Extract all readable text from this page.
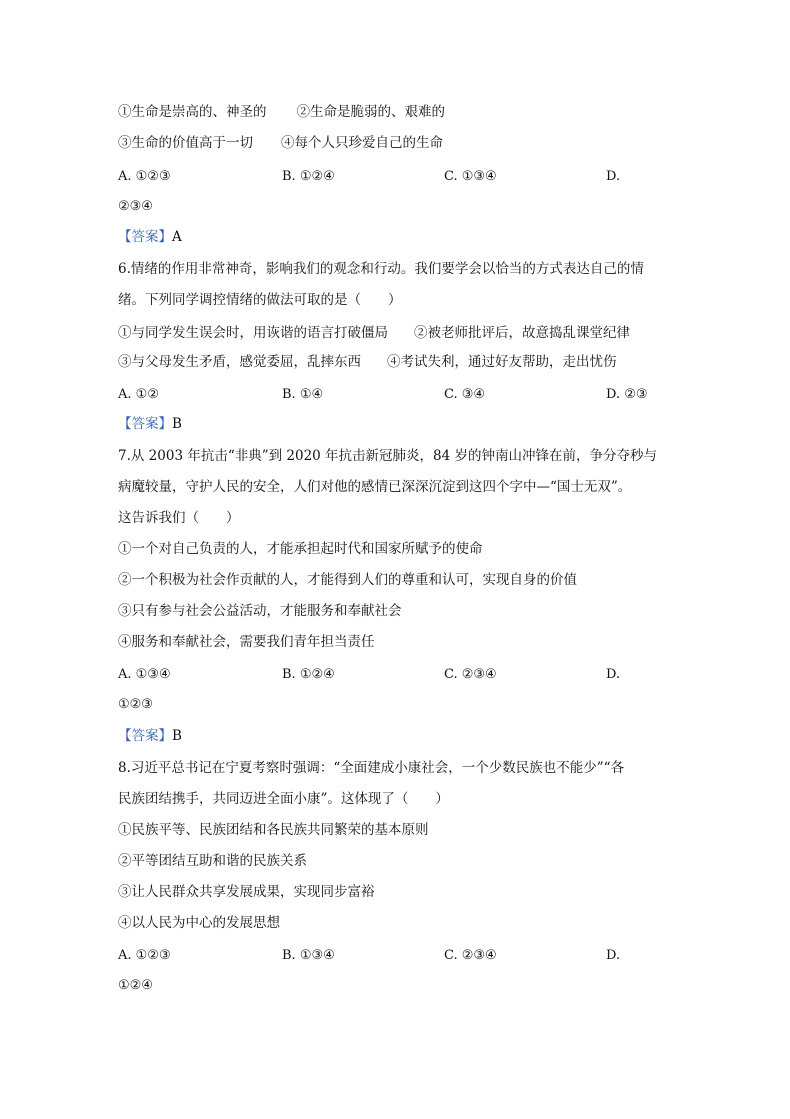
①生命是崇高的、神圣的 ②生命是脆弱的、艰难的
③生命的价值高于一切 ④每个人只珍爱自己的生命
A. ①②③	B. ①②④	C. ①③④	D.
②③④
【答案】A
6.情绪的作用非常神奇，影响我们的观念和行动。我们要学会以恰当的方式表达自己的情
绪。下列同学调控情绪的做法可取的是（　　）
①与同学发生误会时，用诙谐的语言打破僵局 ②被老师批评后，故意捣乱课堂纪律
③与父母发生矛盾，感觉委屈，乱摔东西 ④考试失利，通过好友帮助，走出忧伤
A. ①②	B. ①④	C. ③④	D. ②③
【答案】B
7.从 2003 年抗击“非典”到 2020 年抗击新冠肺炎，84 岁的钟南山冲锋在前，争分夺秒与
病魔较量，守护人民的安全，人们对他的感情已深深沉淀到这四个字中—“国士无双”。
这告诉我们（　　）
①一个对自己负责的人，才能承担起时代和国家所赋予的使命
②一个积极为社会作贡献的人，才能得到人们的尊重和认可，实现自身的价值
③只有参与社会公益活动，才能服务和奉献社会
④服务和奉献社会，需要我们青年担当责任
A. ①③④	B. ①②④	C. ②③④	D.
①②③
【答案】B
8.习近平总书记在宁夏考察时强调：“全面建成小康社会，一个少数民族也不能少”“各
民族团结携手，共同迈进全面小康”。这体现了（　　）
①民族平等、民族团结和各民族共同繁荣的基本原则
②平等团结互助和谐的民族关系
③让人民群众共享发展成果，实现同步富裕
④以人民为中心的发展思想
A. ①②③	B. ①③④	C. ②③④	D.
①②④
